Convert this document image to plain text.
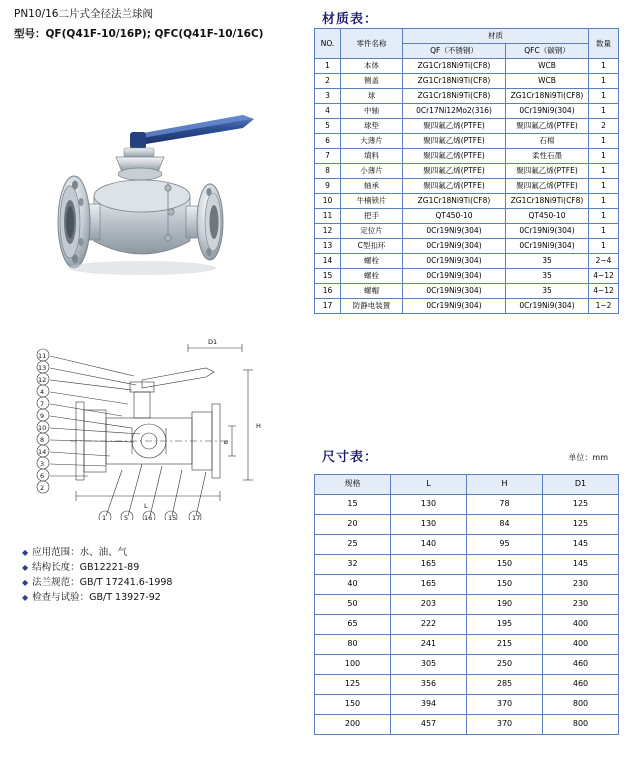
PN10/16二片式全径法兰球阀
型号：QF(Q41F-10/16P); QFC(Q41F-10/16C)
D1
L
H
ø
11
13
12
4
7
9
10
8
14
3
6
2
1	5 16 15 17
◆ 应用范围：水、油、气
◆ 结构长度：GB12221-89
◆ 法兰规范：GB/T 17241.6-1998
◆ 检查与试验：GB/T 13927-92
材质表：
NO.	零件名称	材质		数量
		QF（不锈钢）	QFC（碳钢）	
1	本体	ZG1Cr18Ni9Ti(CF8)	WCB	1
2	侧盖	ZG1Cr18Ni9Ti(CF8)	WCB	1
3	球	ZG1Cr18Ni9Ti(CF8)	ZG1Cr18Ni9Ti(CF8)	1
4	中轴	0Cr17Ni12Mo2(316)	0Cr19Ni9(304)	1
5	球垫	聚四氟乙烯(PTFE)	聚四氟乙烯(PTFE)	2
6	大薄片	聚四氟乙烯(PTFE)	石棉	1
7	填料	聚四氟乙烯(PTFE)	柔性石墨	1
8	小薄片	聚四氟乙烯(PTFE)	聚四氟乙烯(PTFE)	1
9	轴承	聚四氟乙烯(PTFE)	聚四氟乙烯(PTFE)	1
10	牛楠锁片	ZG1Cr18Ni9Ti(CF8)	ZG1Cr18Ni9Ti(CF8)	1
11	把手	QT450-10	QT450-10	1
12	定位片	0Cr19Ni9(304)	0Cr19Ni9(304)	1
13	C型扣环	0Cr19Ni9(304)	0Cr19Ni9(304)	1
14	螺栓	0Cr19Ni9(304)	35	2~4
15	螺栓	0Cr19Ni9(304)	35	4~12
16	螺帽	0Cr19Ni9(304)	35	4~12
17	防静电装置	0Cr19Ni9(304)	0Cr19Ni9(304)	1~2
尺寸表：	单位：mm
规格	L	H	D1
15	130	78	125
20	130	84	125
25	140	95	145
32	165	150	145
40	165	150	230
50	203	190	230
65	222	195	400
80	241	215	400
100	305	250	460
125	356	285	460
150	394	370	800
200	457	370	800
